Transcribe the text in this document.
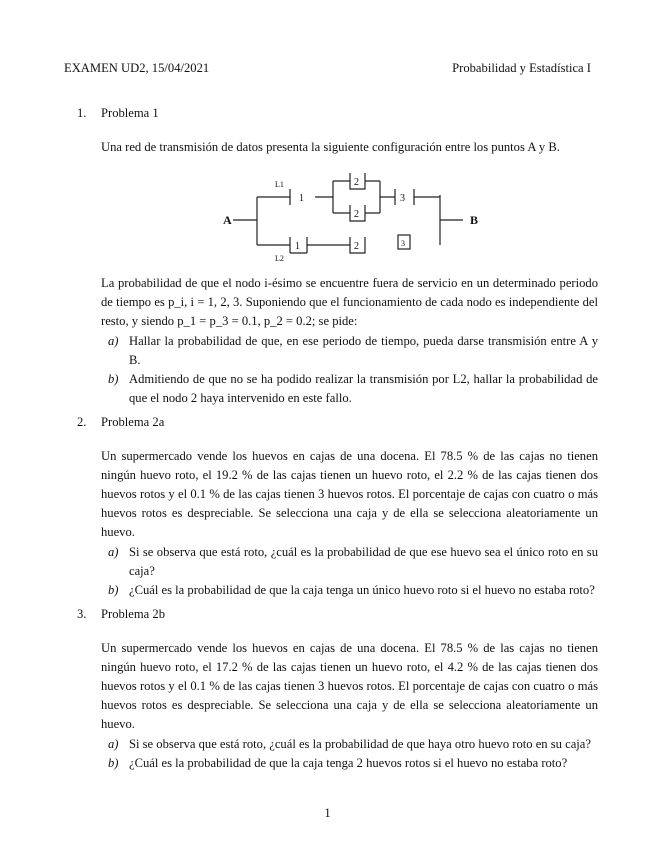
EXAMEN UD2, 15/04/2021	Probabilidad y Estadística I
1.	Problema 1
Una red de transmisión de datos presenta la siguiente configuración entre los puntos A y B.
A	B
L1
L2
1
2
2
3
1	2	3
La probabilidad de que el nodo i-ésimo se encuentre fuera de servicio en un determinado periodo de tiempo es p_i, i = 1, 2, 3. Suponiendo que el funcionamiento de cada nodo es independiente del resto, y siendo p_1 = p_3 = 0.1, p_2 = 0.2; se pide:
a) Hallar la probabilidad de que, en ese periodo de tiempo, pueda darse transmisión entre A y B.
b) Admitiendo de que no se ha podido realizar la transmisión por L2, hallar la probabilidad de que el nodo 2 haya intervenido en este fallo.
2.	Problema 2a
Un supermercado vende los huevos en cajas de una docena. El 78.5 % de las cajas no tienen ningún huevo roto, el 19.2 % de las cajas tienen un huevo roto, el 2.2 % de las cajas tienen dos huevos rotos y el 0.1 % de las cajas tienen 3 huevos rotos. El porcentaje de cajas con cuatro o más huevos rotos es despreciable. Se selecciona una caja y de ella se selecciona aleatoriamente un huevo.
a) Si se observa que está roto, ¿cuál es la probabilidad de que ese huevo sea el único roto en su caja?
b) ¿Cuál es la probabilidad de que la caja tenga un único huevo roto si el huevo no estaba roto?
3.	Problema 2b
Un supermercado vende los huevos en cajas de una docena. El 78.5 % de las cajas no tienen ningún huevo roto, el 17.2 % de las cajas tienen un huevo roto, el 4.2 % de las cajas tienen dos huevos rotos y el 0.1 % de las cajas tienen 3 huevos rotos. El porcentaje de cajas con cuatro o más huevos rotos es despreciable. Se selecciona una caja y de ella se selecciona aleatoriamente un huevo.
a) Si se observa que está roto, ¿cuál es la probabilidad de que haya otro huevo roto en su caja?
b) ¿Cuál es la probabilidad de que la caja tenga 2 huevos rotos si el huevo no estaba roto?
1
